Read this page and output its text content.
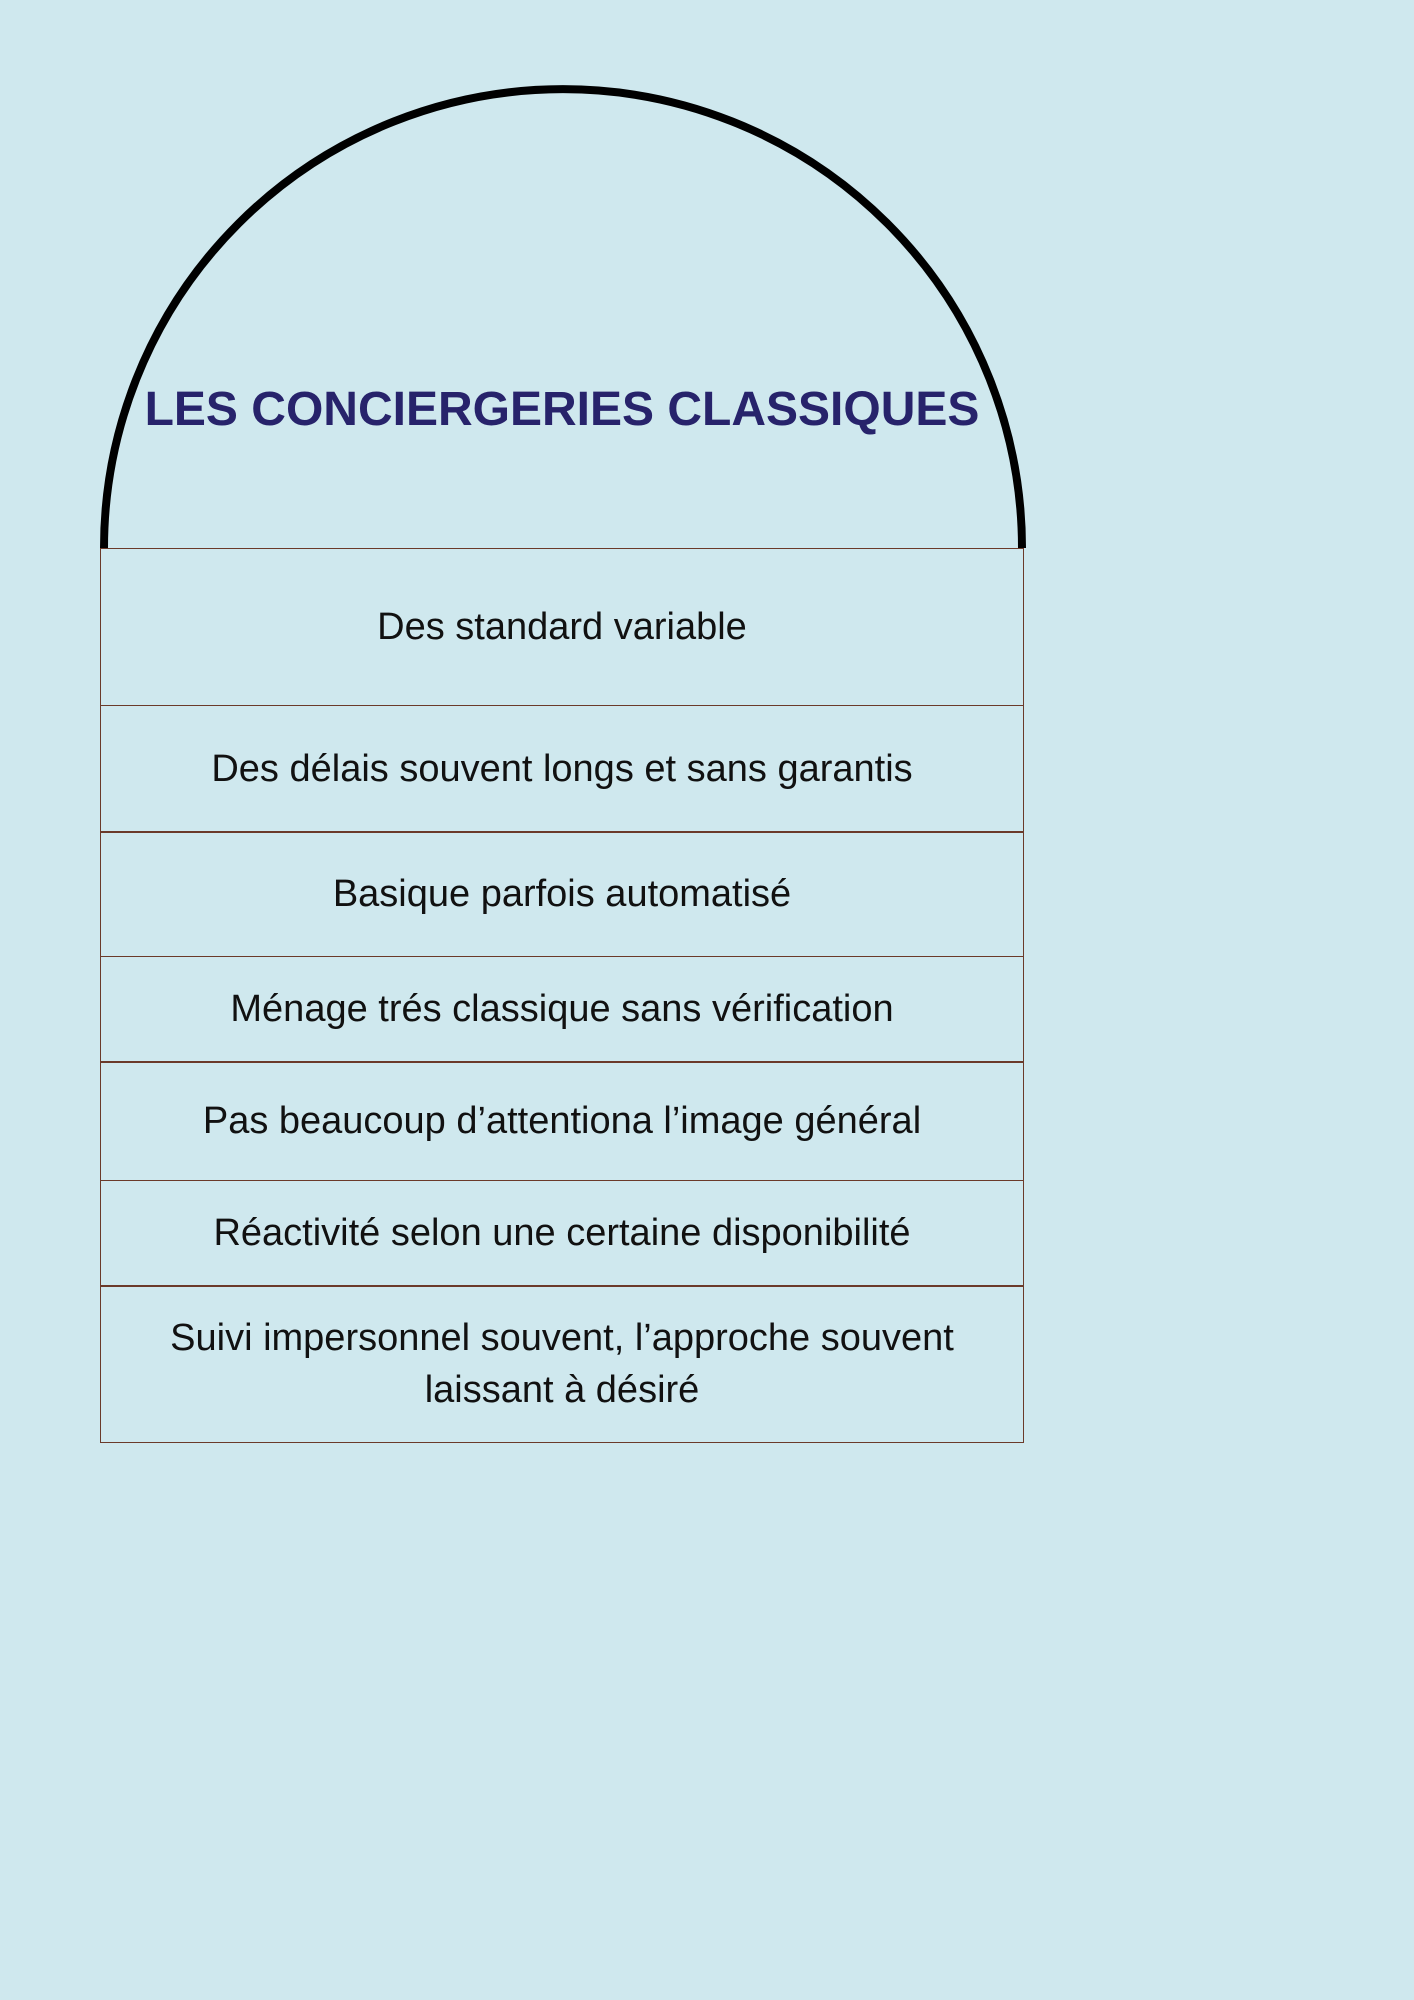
LES CONCIERGERIES CLASSIQUES
Des standard variable
Des délais souvent longs et sans garantis
Basique parfois automatisé
Ménage trés classique sans vérification
Pas beaucoup d’attentiona l’image général
Réactivité selon une certaine disponibilité
Suivi impersonnel souvent, l’approche souvent laissant à désiré
